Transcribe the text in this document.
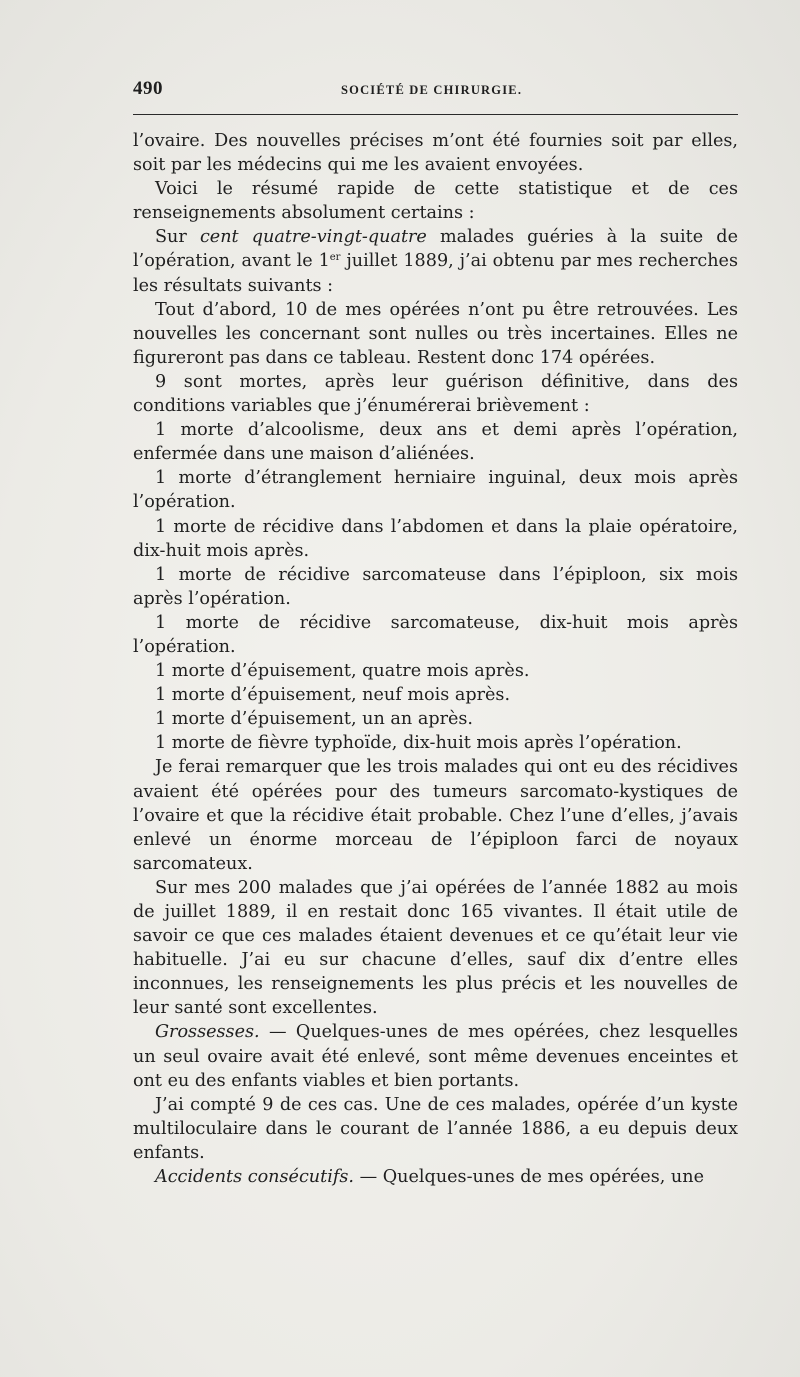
490	SOCIÉTÉ DE CHIRURGIE.

l’ovaire. Des nouvelles précises m’ont été fournies soit par elles, soit par les médecins qui me les avaient envoyées.

Voici le résumé rapide de cette statistique et de ces renseignements absolument certains :

Sur cent quatre-vingt-quatre malades guéries à la suite de l’opération, avant le 1er juillet 1889, j’ai obtenu par mes recherches les résultats suivants :

Tout d’abord, 10 de mes opérées n’ont pu être retrouvées. Les nouvelles les concernant sont nulles ou très incertaines. Elles ne figureront pas dans ce tableau. Restent donc 174 opérées.

9 sont mortes, après leur guérison définitive, dans des conditions variables que j’énumérerai brièvement :

1 morte d’alcoolisme, deux ans et demi après l’opération, enfermée dans une maison d’aliénées.

1 morte d’étranglement herniaire inguinal, deux mois après l’opération.

1 morte de récidive dans l’abdomen et dans la plaie opératoire, dix-huit mois après.

1 morte de récidive sarcomateuse dans l’épiploon, six mois après l’opération.

1 morte de récidive sarcomateuse, dix-huit mois après l’opération.

1 morte d’épuisement, quatre mois après.

1 morte d’épuisement, neuf mois après.

1 morte d’épuisement, un an après.

1 morte de fièvre typhoïde, dix-huit mois après l’opération.

Je ferai remarquer que les trois malades qui ont eu des récidives avaient été opérées pour des tumeurs sarcomato-kystiques de l’ovaire et que la récidive était probable. Chez l’une d’elles, j’avais enlevé un énorme morceau de l’épiploon farci de noyaux sarcomateux.

Sur mes 200 malades que j’ai opérées de l’année 1882 au mois de juillet 1889, il en restait donc 165 vivantes. Il était utile de savoir ce que ces malades étaient devenues et ce qu’était leur vie habituelle. J’ai eu sur chacune d’elles, sauf dix d’entre elles inconnues, les renseignements les plus précis et les nouvelles de leur santé sont excellentes.

Grossesses. — Quelques-unes de mes opérées, chez lesquelles un seul ovaire avait été enlevé, sont même devenues enceintes et ont eu des enfants viables et bien portants.

J’ai compté 9 de ces cas. Une de ces malades, opérée d’un kyste multiloculaire dans le courant de l’année 1886, a eu depuis deux enfants.

Accidents consécutifs. — Quelques-unes de mes opérées, une
